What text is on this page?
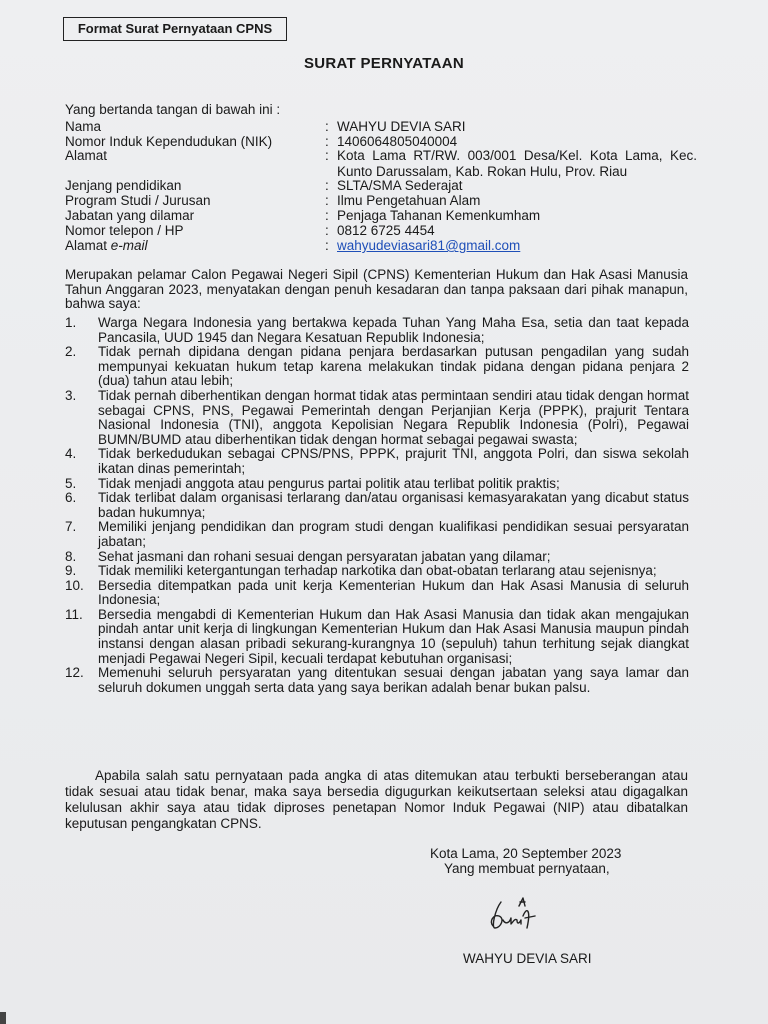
Format Surat Pernyataan CPNS
SURAT PERNYATAAN
Yang bertanda tangan di bawah ini :
Nama	: WAHYU DEVIA SARI
Nomor Induk Kependudukan (NIK)	: 1406064805040004
Alamat	: Kota Lama RT/RW. 003/001 Desa/Kel. Kota Lama, Kec. Kunto Darussalam, Kab. Rokan Hulu, Prov. Riau
Jenjang pendidikan	: SLTA/SMA Sederajat
Program Studi / Jurusan	: Ilmu Pengetahuan Alam
Jabatan yang dilamar	: Penjaga Tahanan Kemenkumham
Nomor telepon / HP	: 0812 6725 4454
Alamat e-mail	: wahyudeviasari81@gmail.com
Merupakan pelamar Calon Pegawai Negeri Sipil (CPNS) Kementerian Hukum dan Hak Asasi Manusia Tahun Anggaran 2023, menyatakan dengan penuh kesadaran dan tanpa paksaan dari pihak manapun, bahwa saya:
1. Warga Negara Indonesia yang bertakwa kepada Tuhan Yang Maha Esa, setia dan taat kepada Pancasila, UUD 1945 dan Negara Kesatuan Republik Indonesia;
2. Tidak pernah dipidana dengan pidana penjara berdasarkan putusan pengadilan yang sudah mempunyai kekuatan hukum tetap karena melakukan tindak pidana dengan pidana penjara 2 (dua) tahun atau lebih;
3. Tidak pernah diberhentikan dengan hormat tidak atas permintaan sendiri atau tidak dengan hormat sebagai CPNS, PNS, Pegawai Pemerintah dengan Perjanjian Kerja (PPPK), prajurit Tentara Nasional Indonesia (TNI), anggota Kepolisian Negara Republik Indonesia (Polri), Pegawai BUMN/BUMD atau diberhentikan tidak dengan hormat sebagai pegawai swasta;
4. Tidak berkedudukan sebagai CPNS/PNS, PPPK, prajurit TNI, anggota Polri, dan siswa sekolah ikatan dinas pemerintah;
5. Tidak menjadi anggota atau pengurus partai politik atau terlibat politik praktis;
6. Tidak terlibat dalam organisasi terlarang dan/atau organisasi kemasyarakatan yang dicabut status badan hukumnya;
7. Memiliki jenjang pendidikan dan program studi dengan kualifikasi pendidikan sesuai persyaratan jabatan;
8. Sehat jasmani dan rohani sesuai dengan persyaratan jabatan yang dilamar;
9. Tidak memiliki ketergantungan terhadap narkotika dan obat-obatan terlarang atau sejenisnya;
10. Bersedia ditempatkan pada unit kerja Kementerian Hukum dan Hak Asasi Manusia di seluruh Indonesia;
11. Bersedia mengabdi di Kementerian Hukum dan Hak Asasi Manusia dan tidak akan mengajukan pindah antar unit kerja di lingkungan Kementerian Hukum dan Hak Asasi Manusia maupun pindah instansi dengan alasan pribadi sekurang-kurangnya 10 (sepuluh) tahun terhitung sejak diangkat menjadi Pegawai Negeri Sipil, kecuali terdapat kebutuhan organisasi;
12. Memenuhi seluruh persyaratan yang ditentukan sesuai dengan jabatan yang saya lamar dan seluruh dokumen unggah serta data yang saya berikan adalah benar bukan palsu.
Apabila salah satu pernyataan pada angka di atas ditemukan atau terbukti berseberangan atau tidak sesuai atau tidak benar, maka saya bersedia digugurkan keikutsertaan seleksi atau digagalkan kelulusan akhir saya atau tidak diproses penetapan Nomor Induk Pegawai (NIP) atau dibatalkan keputusan pengangkatan CPNS.
Kota Lama, 20 September 2023
Yang membuat pernyataan,
WAHYU DEVIA SARI
